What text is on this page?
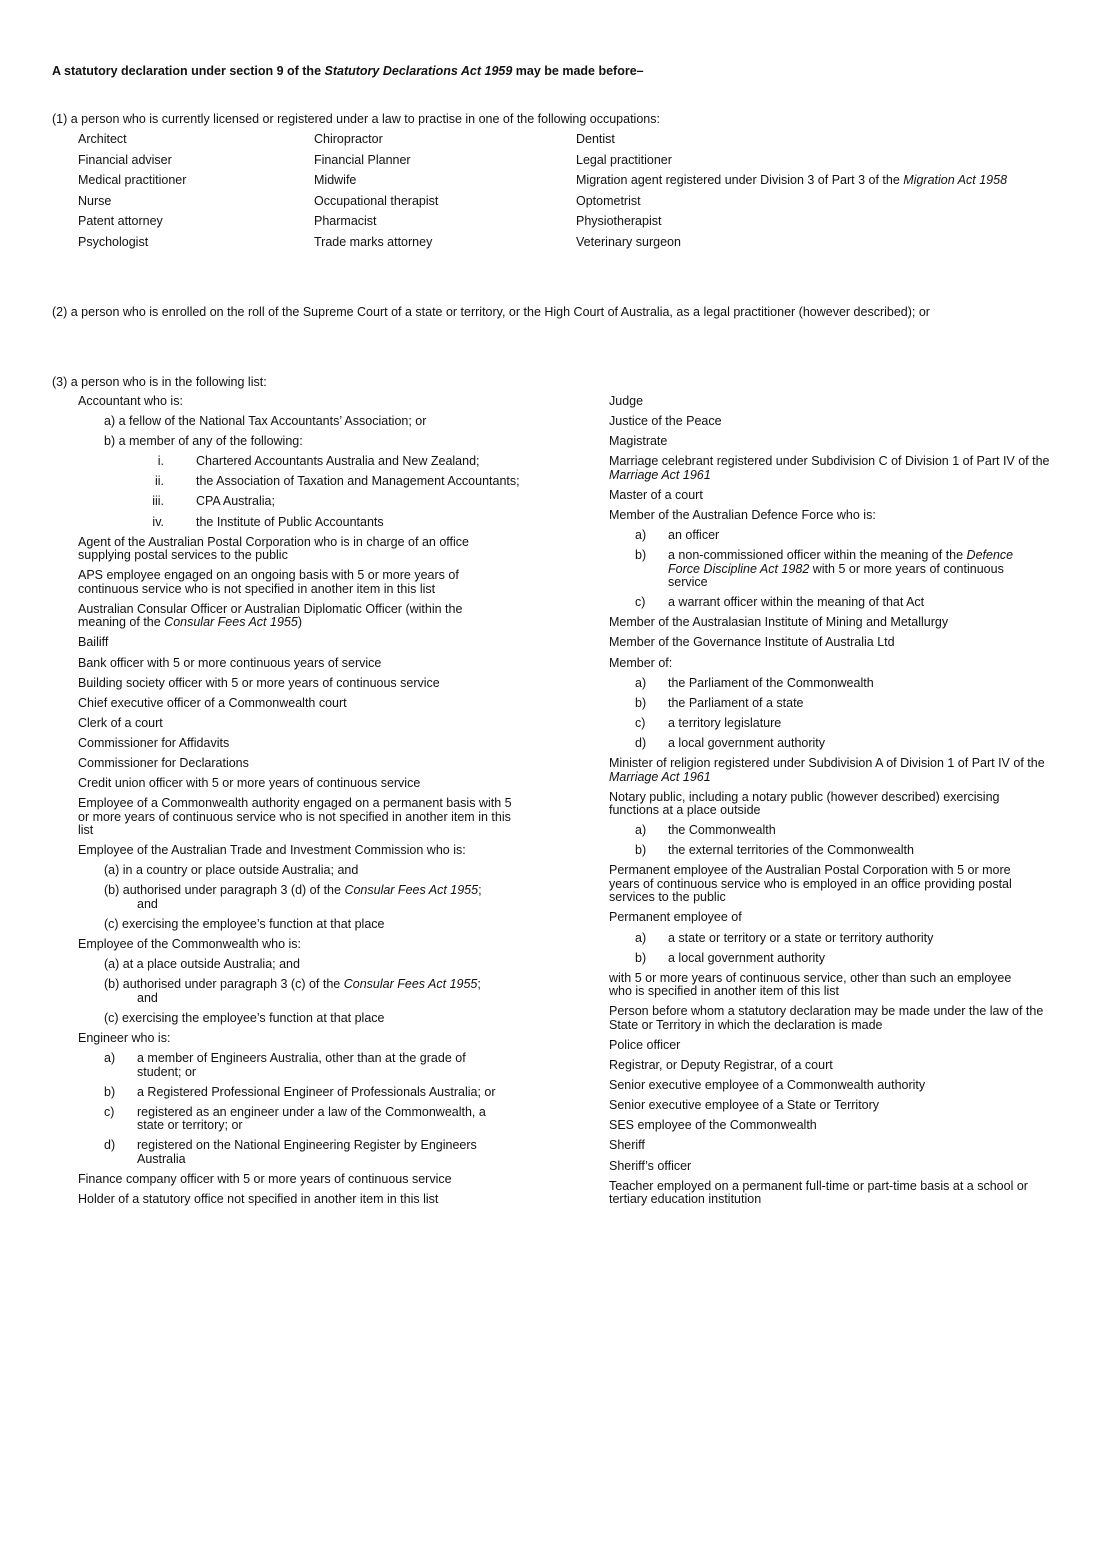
A statutory declaration under section 9 of the Statutory Declarations Act 1959 may be made before–
(1) a person who is currently licensed or registered under a law to practise in one of the following occupations:
Architect	Chiropractor	Dentist
Financial adviser	Financial Planner	Legal practitioner
Medical practitioner	Midwife	Migration agent registered under Division 3 of Part 3 of the Migration Act 1958
Nurse	Occupational therapist	Optometrist
Patent attorney	Pharmacist	Physiotherapist
Psychologist	Trade marks attorney	Veterinary surgeon
(2) a person who is enrolled on the roll of the Supreme Court of a state or territory, or the High Court of Australia, as a legal practitioner (however described); or
(3) a person who is in the following list:
Accountant who is:
a) a fellow of the National Tax Accountants’ Association; or
b) a member of any of the following:
i.	Chartered Accountants Australia and New Zealand;
ii.	the Association of Taxation and Management Accountants;
iii.	CPA Australia;
iv.	the Institute of Public Accountants
Agent of the Australian Postal Corporation who is in charge of an office supplying postal services to the public
APS employee engaged on an ongoing basis with 5 or more years of continuous service who is not specified in another item in this list
Australian Consular Officer or Australian Diplomatic Officer (within the meaning of the Consular Fees Act 1955)
Bailiff
Bank officer with 5 or more continuous years of service
Building society officer with 5 or more years of continuous service
Chief executive officer of a Commonwealth court
Clerk of a court
Commissioner for Affidavits
Commissioner for Declarations
Credit union officer with 5 or more years of continuous service
Employee of a Commonwealth authority engaged on a permanent basis with 5 or more years of continuous service who is not specified in another item in this list
Employee of the Australian Trade and Investment Commission who is:
(a) in a country or place outside Australia; and
(b) authorised under paragraph 3 (d) of the Consular Fees Act 1955;
and
(c) exercising the employee’s function at that place
Employee of the Commonwealth who is:
(a) at a place outside Australia; and
(b) authorised under paragraph 3 (c) of the Consular Fees Act 1955;
and
(c) exercising the employee’s function at that place
Engineer who is:
a)	a member of Engineers Australia, other than at the grade of student; or
b)	a Registered Professional Engineer of Professionals Australia; or
c)	registered as an engineer under a law of the Commonwealth, a state or territory; or
d)	registered on the National Engineering Register by Engineers Australia
Finance company officer with 5 or more years of continuous service
Holder of a statutory office not specified in another item in this list
Judge
Justice of the Peace
Magistrate
Marriage celebrant registered under Subdivision C of Division 1 of Part IV of the Marriage Act 1961
Master of a court
Member of the Australian Defence Force who is:
a)	an officer
b)	a non-commissioned officer within the meaning of the Defence Force Discipline Act 1982 with 5 or more years of continuous service
c)	a warrant officer within the meaning of that Act
Member of the Australasian Institute of Mining and Metallurgy
Member of the Governance Institute of Australia Ltd
Member of:
a)	the Parliament of the Commonwealth
b)	the Parliament of a state
c)	a territory legislature
d)	a local government authority
Minister of religion registered under Subdivision A of Division 1 of Part IV of the Marriage Act 1961
Notary public, including a notary public (however described) exercising functions at a place outside
a)	the Commonwealth
b)	the external territories of the Commonwealth
Permanent employee of the Australian Postal Corporation with 5 or more years of continuous service who is employed in an office providing postal services to the public
Permanent employee of
a)	a state or territory or a state or territory authority
b)	a local government authority
with 5 or more years of continuous service, other than such an employee who is specified in another item of this list
Person before whom a statutory declaration may be made under the law of the State or Territory in which the declaration is made
Police officer
Registrar, or Deputy Registrar, of a court
Senior executive employee of a Commonwealth authority
Senior executive employee of a State or Territory
SES employee of the Commonwealth
Sheriff
Sheriff’s officer
Teacher employed on a permanent full-time or part-time basis at a school or tertiary education institution
